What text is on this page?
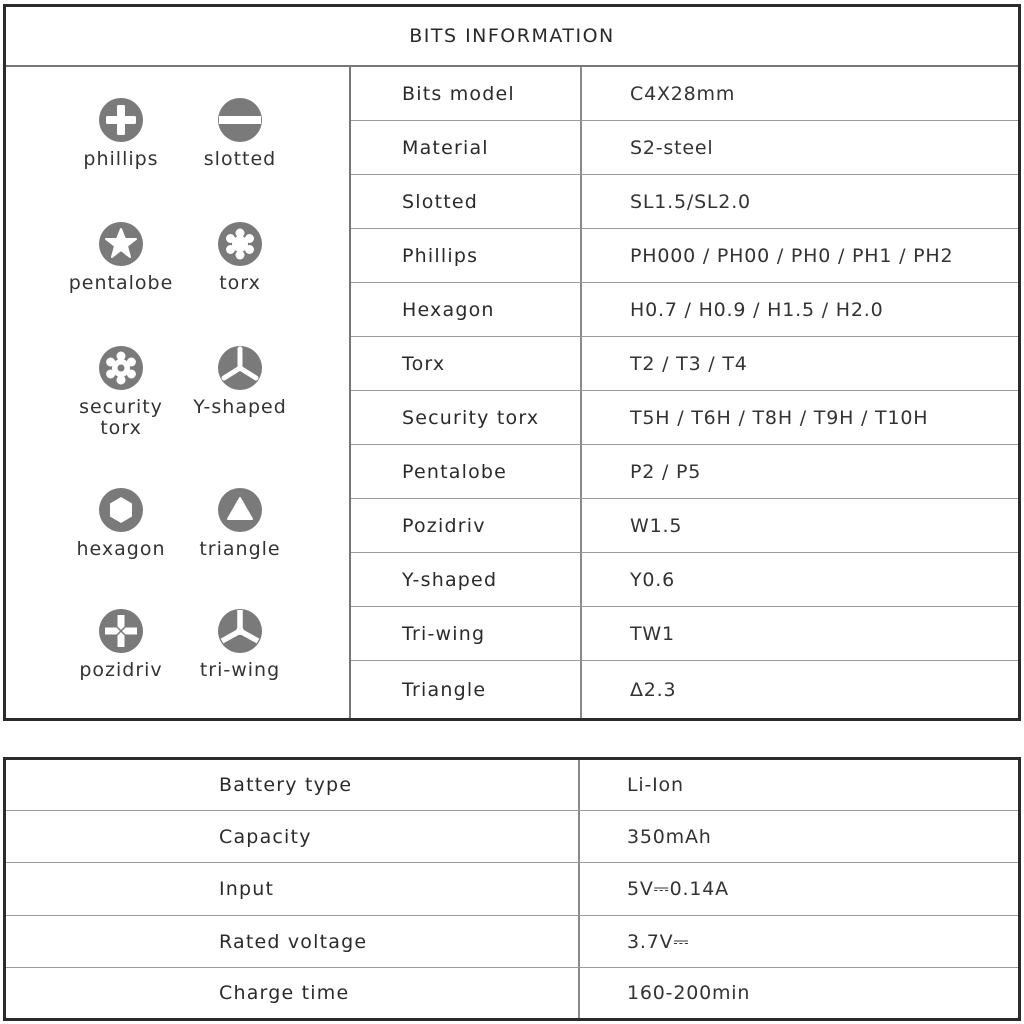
BITS INFORMATION
phillips	slotted
pentalobe	torx
security
torx
Y-shaped
hexagon	triangle
pozidriv	tri-wing
Bits model	C4X28mm
Material	S2-steel
Slotted	SL1.5/SL2.0
Phillips	PH000 / PH00 / PH0 / PH1 / PH2
Hexagon	H0.7 / H0.9 / H1.5 / H2.0
Torx	T2 / T3 / T4
Security torx	T5H / T6H / T8H / T9H / T10H
Pentalobe	P2 / P5
Pozidriv	W1.5
Y-shaped	Y0.6
Tri-wing	TW1
Triangle	Δ2.3
Battery type	Li-Ion
Capacity	350mAh
Input	5V⎓0.14A
Rated voltage	3.7V⎓
Charge time	160-200min
